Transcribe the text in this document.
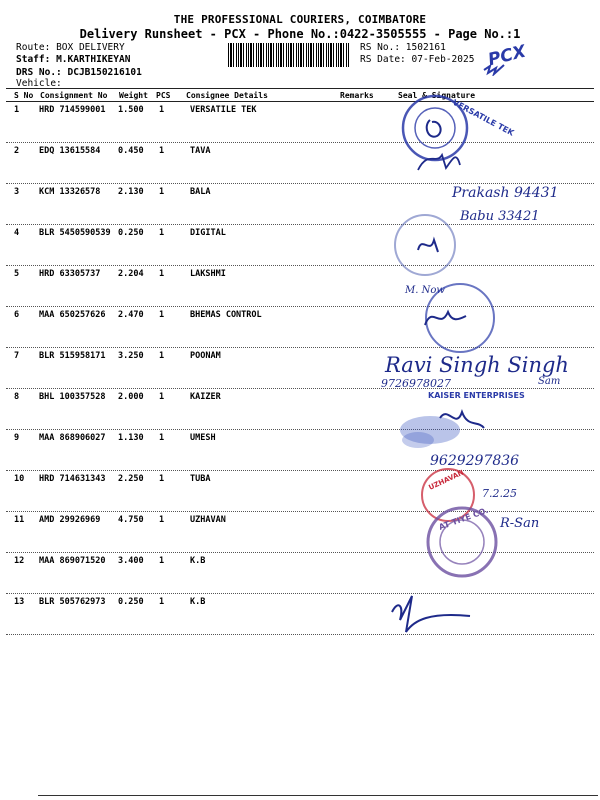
THE PROFESSIONAL COURIERS, COIMBATORE
Delivery Runsheet - PCX - Phone No.:0422-3505555 - Page No.:1
Route: BOX DELIVERY
Staff: M.KARTHIKEYAN
DRS No.: DCJB150216101
Vehicle:
RS No.: 1502161
RS Date: 07-Feb-2025 PCX
S No Consignment No Weight PCS Consignee Details	Remarks	Seal & Signature
1 HRD 714599001 1.500 1	VERSATILE TEK
2 EDQ 13615584 0.450 1	TAVA
3 KCM 13326578 2.130 1	BALA
4 BLR 5450590539 0.250 1	DIGITAL
5 HRD 63305737 2.204 1	LAKSHMI
6 MAA 650257626 2.470 1	BHEMAS CONTROL
7 BLR 515958171 3.250 1	POONAM
8 BHL 100357528 2.000 1	KAIZER
9 MAA 868906027 1.130 1	UMESH
10 HRD 714631343 2.250 1	TUBA
11 AMD 29926969 4.750 1	UZHAVAN
12 MAA 869071520 3.400 1	K.B
13 BLR 505762973 0.250 1	K.B
VERSATILE TEK
Prakash 94431
Babu 33421
M. Now
Ravi Singh Singh
9726978027	Sam
KAISER ENTERPRISES
9629297836
UZHAVAN
7.2.25
AT TIYE CO. R-San
